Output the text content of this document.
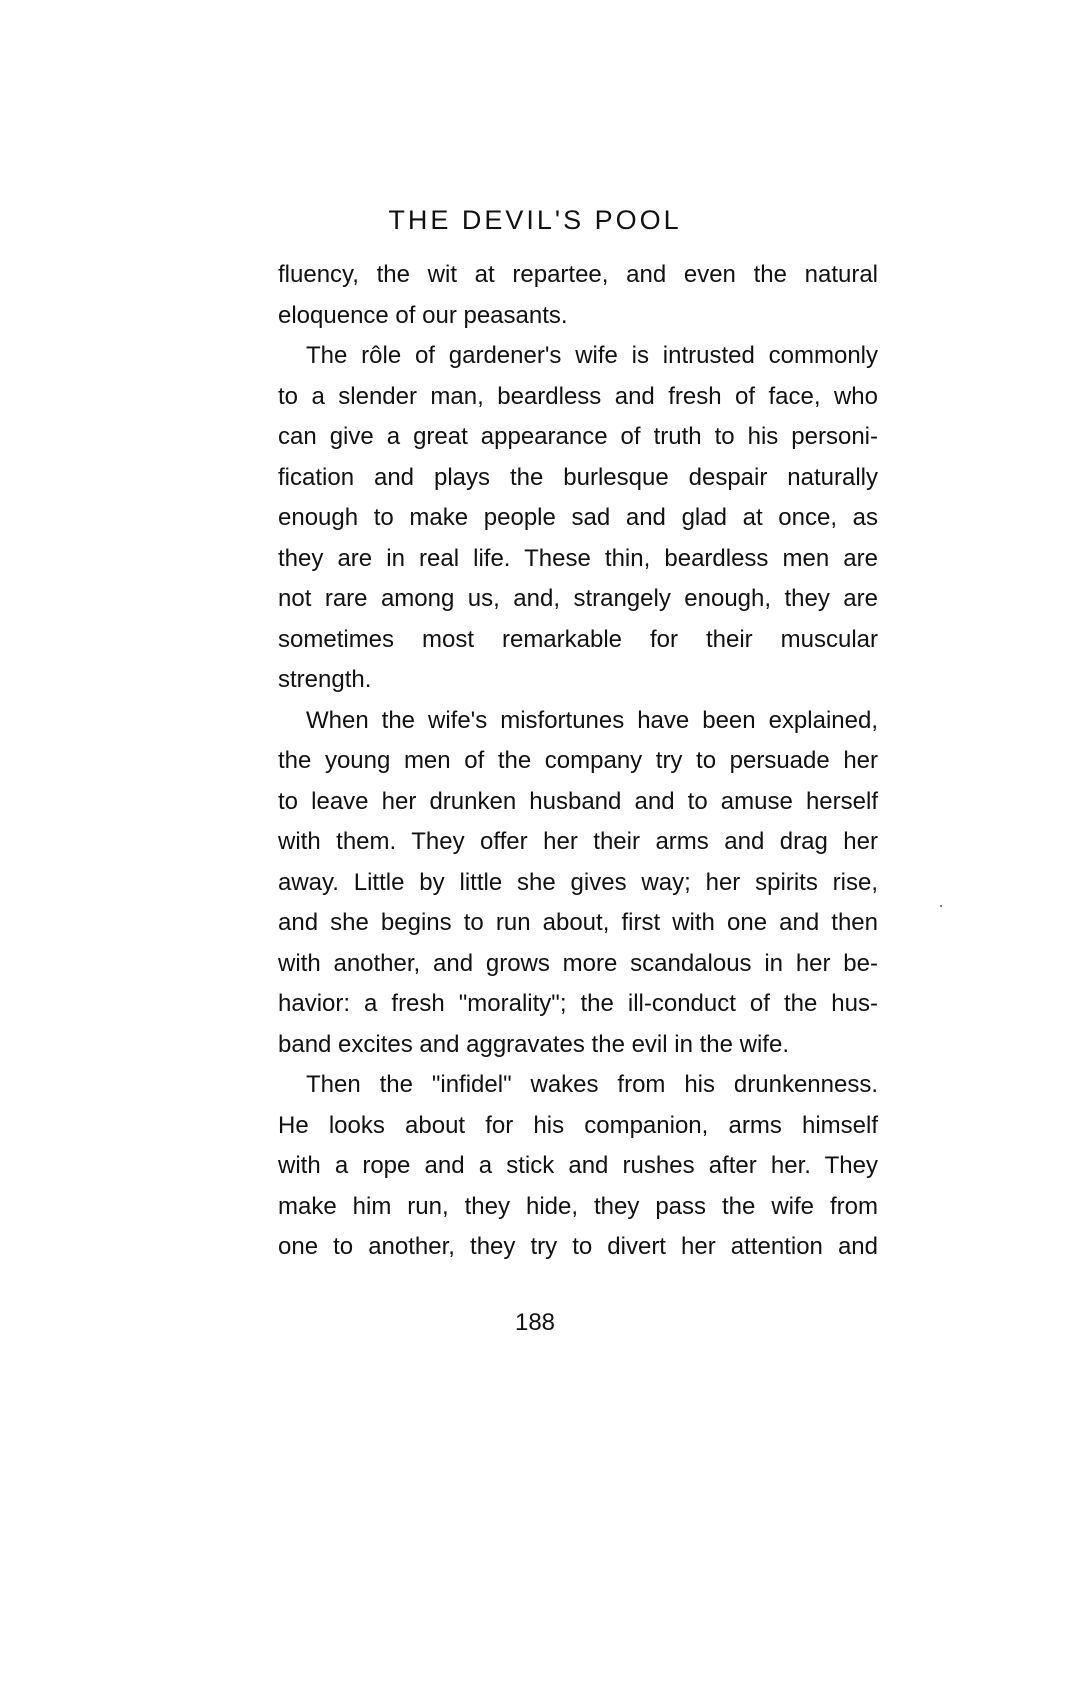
THE DEVIL'S POOL
fluency, the wit at repartee, and even the natural
eloquence of our peasants.
The rôle of gardener's wife is intrusted commonly
to a slender man, beardless and fresh of face, who
can give a great appearance of truth to his personi-
fication and plays the burlesque despair naturally
enough to make people sad and glad at once, as
they are in real life. These thin, beardless men are
not rare among us, and, strangely enough, they are
sometimes most remarkable for their muscular
strength.
When the wife's misfortunes have been explained,
the young men of the company try to persuade her
to leave her drunken husband and to amuse herself
with them. They offer her their arms and drag her
away. Little by little she gives way; her spirits rise,
and she begins to run about, first with one and then
with another, and grows more scandalous in her be-
havior: a fresh "morality"; the ill-conduct of the hus-
band excites and aggravates the evil in the wife.
Then the "infidel" wakes from his drunkenness.
He looks about for his companion, arms himself
with a rope and a stick and rushes after her. They
make him run, they hide, they pass the wife from
one to another, they try to divert her attention and

188
